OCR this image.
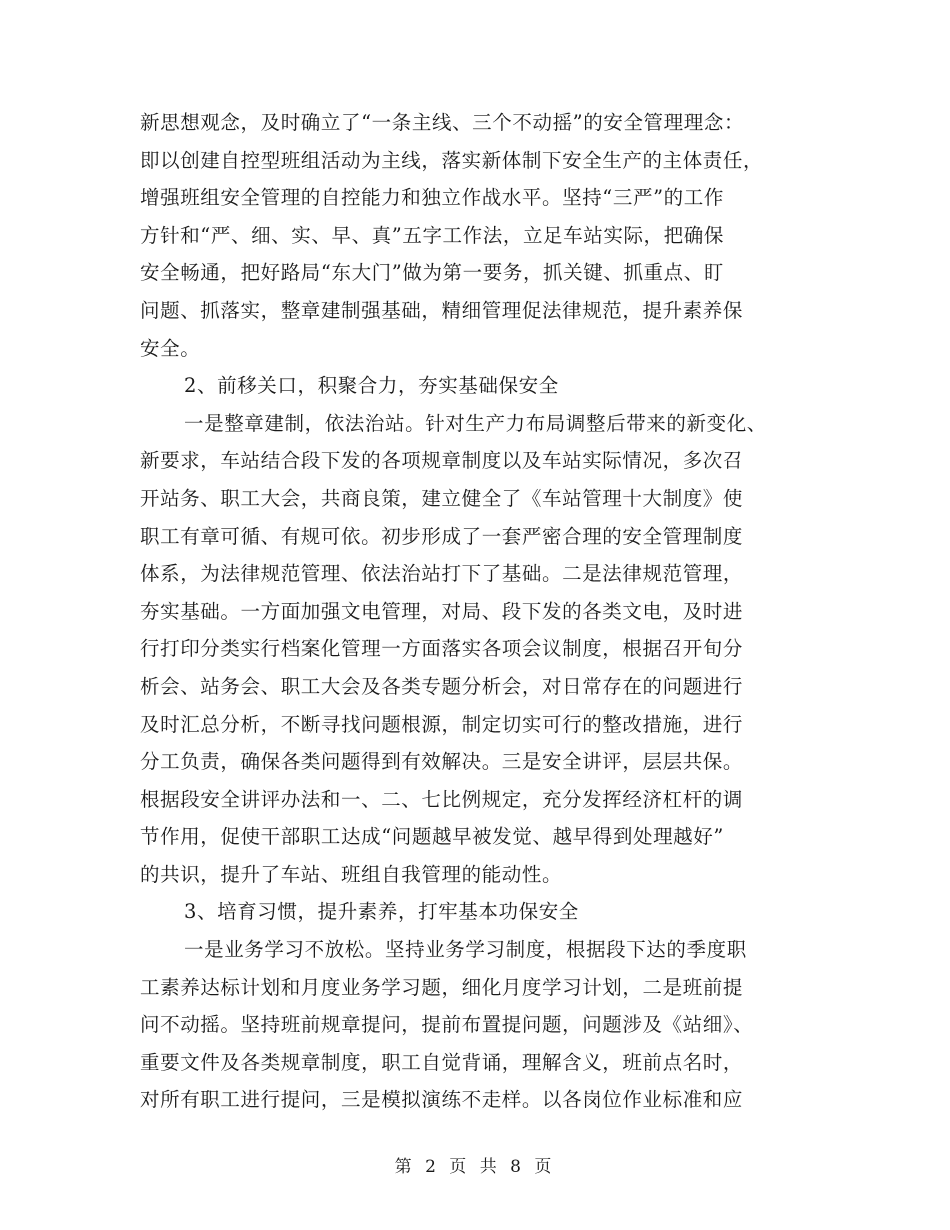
新思想观念，及时确立了“一条主线、三个不动摇”的安全管理理念：
即以创建自控型班组活动为主线，落实新体制下安全生产的主体责任，
增强班组安全管理的自控能力和独立作战水平。坚持“三严”的工作
方针和“严、细、实、早、真”五字工作法，立足车站实际，把确保
安全畅通，把好路局“东大门”做为第一要务，抓关键、抓重点、盯
问题、抓落实，整章建制强基础，精细管理促法律规范，提升素养保
安全。
2、前移关口，积聚合力，夯实基础保安全
一是整章建制，依法治站。针对生产力布局调整后带来的新变化、
新要求，车站结合段下发的各项规章制度以及车站实际情况，多次召
开站务、职工大会，共商良策，建立健全了《车站管理十大制度》使
职工有章可循、有规可依。初步形成了一套严密合理的安全管理制度
体系，为法律规范管理、依法治站打下了基础。二是法律规范管理，
夯实基础。一方面加强文电管理，对局、段下发的各类文电，及时进
行打印分类实行档案化管理一方面落实各项会议制度，根据召开旬分
析会、站务会、职工大会及各类专题分析会，对日常存在的问题进行
及时汇总分析，不断寻找问题根源，制定切实可行的整改措施，进行
分工负责，确保各类问题得到有效解决。三是安全讲评，层层共保。
根据段安全讲评办法和一、二、七比例规定，充分发挥经济杠杆的调
节作用，促使干部职工达成“问题越早被发觉、越早得到处理越好”
的共识，提升了车站、班组自我管理的能动性。
3、培育习惯，提升素养，打牢基本功保安全
一是业务学习不放松。坚持业务学习制度，根据段下达的季度职
工素养达标计划和月度业务学习题，细化月度学习计划，二是班前提
问不动摇。坚持班前规章提问，提前布置提问题，问题涉及《站细》、
重要文件及各类规章制度，职工自觉背诵，理解含义，班前点名时，
对所有职工进行提问，三是模拟演练不走样。以各岗位作业标准和应
第 2 页 共 8 页
